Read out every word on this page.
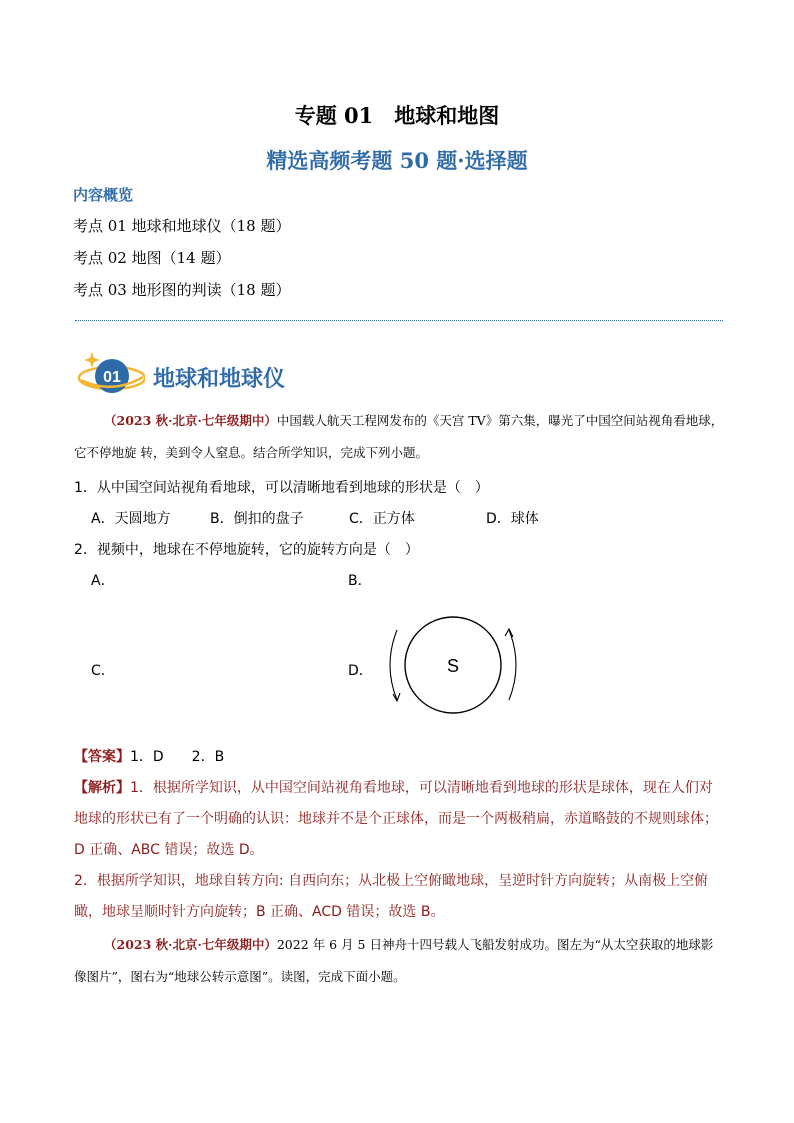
专题 01　地球和地图
精选高频考题 50 题·选择题
内容概览
考点 01 地球和地球仪（18 题）
考点 02 地图（14 题）
考点 03 地形图的判读（18 题）
01 地球和地球仪
（2023 秋·北京·七年级期中）中国载人航天工程网发布的《天宫 TV》第六集，曝光了中国空间站视角看地球，它不停地旋 转，美到令人窒息。结合所学知识，完成下列小题。
1．从中国空间站视角看地球，可以清晰地看到地球的形状是（　）
A．天圆地方	B．倒扣的盘子	C．正方体	D．球体
2．视频中，地球在不停地旋转，它的旋转方向是（　）
A．	B．
C．	D．	S
【答案】1．D　　2．B
【解析】1．根据所学知识，从中国空间站视角看地球，可以清晰地看到地球的形状是球体，现在人们对地球的形状已有了一个明确的认识：地球并不是个正球体，而是一个两极稍扁，赤道略鼓的不规则球体；D 正确、ABC 错误；故选 D。
2．根据所学知识，地球自转方向: 自西向东；从北极上空俯瞰地球，呈逆时针方向旋转；从南极上空俯瞰，地球呈顺时针方向旋转；B 正确、ACD 错误；故选 B。
（2023 秋·北京·七年级期中）2022 年 6 月 5 日神舟十四号载人飞船发射成功。图左为“从太空获取的地球影像图片”，图右为“地球公转示意图”。读图，完成下面小题。
